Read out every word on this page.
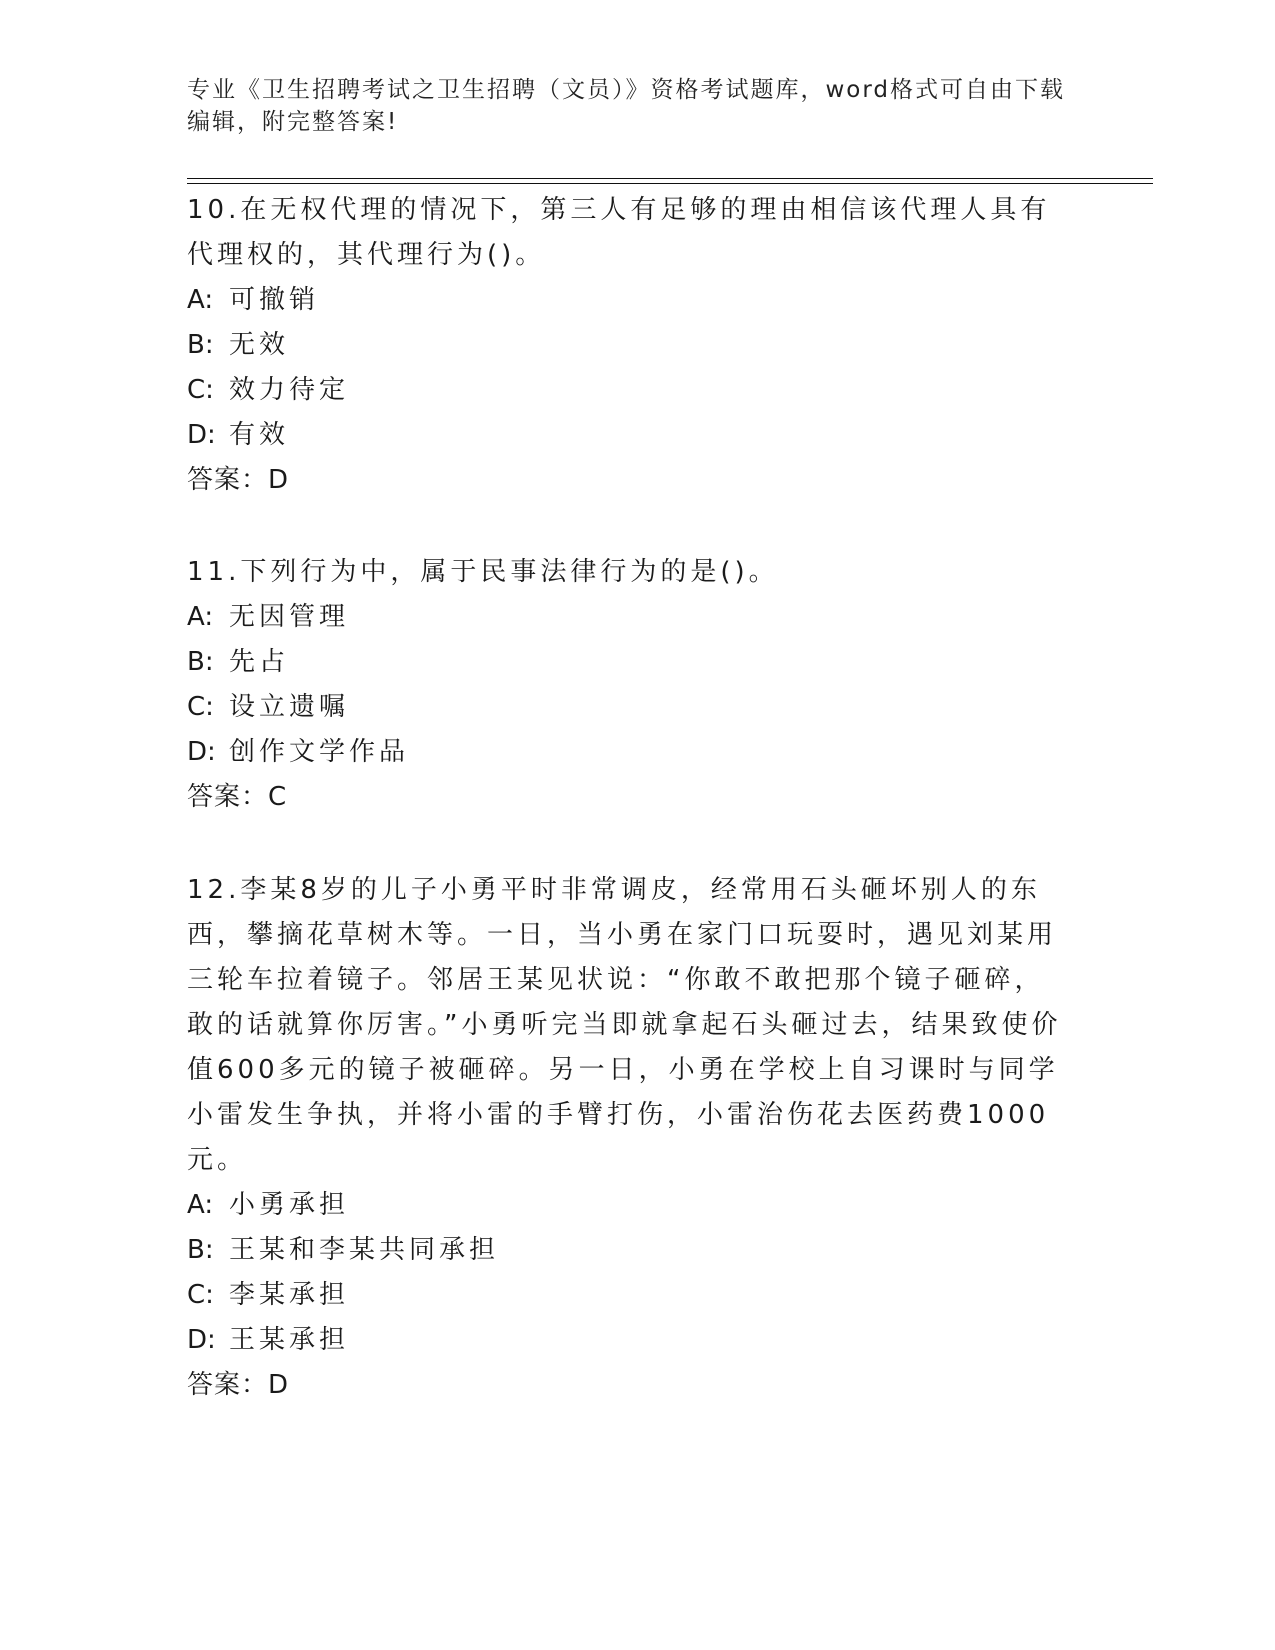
专业《卫生招聘考试之卫生招聘（文员）》资格考试题库，word格式可自由下载编辑，附完整答案!

10.在无权代理的情况下，第三人有足够的理由相信该代理人具有代理权的，其代理行为()。

A: 可撤销

B: 无效

C: 效力待定

D: 有效

答案：D

11.下列行为中，属于民事法律行为的是()。

A: 无因管理

B: 先占

C: 设立遗嘱

D: 创作文学作品

答案：C

12.李某8岁的儿子小勇平时非常调皮，经常用石头砸坏别人的东西，攀摘花草树木等。一日，当小勇在家门口玩耍时，遇见刘某用三轮车拉着镜子。邻居王某见状说：“你敢不敢把那个镜子砸碎，敢的话就算你厉害。”小勇听完当即就拿起石头砸过去，结果致使价值600多元的镜子被砸碎。另一日，小勇在学校上自习课时与同学小雷发生争执，并将小雷的手臂打伤，小雷治伤花去医药费1000元。

A: 小勇承担

B: 王某和李某共同承担

C: 李某承担

D: 王某承担

答案：D
